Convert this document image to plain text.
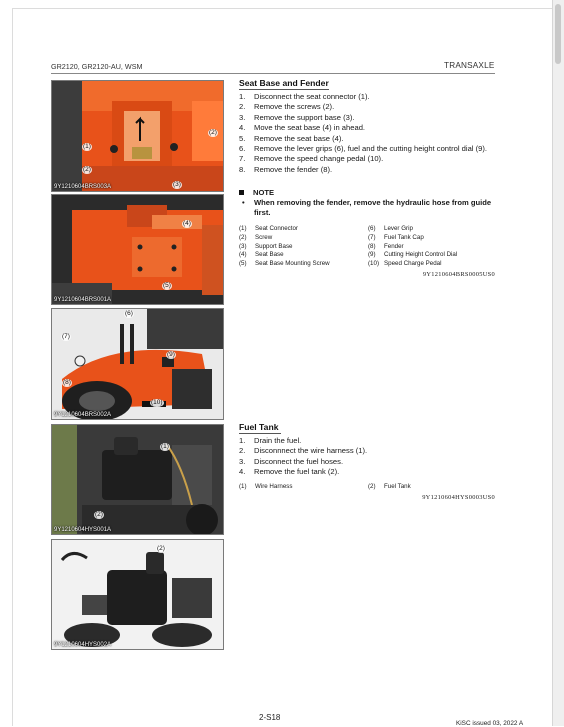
GR2120, GR2120-AU, WSM	TRANSAXLE
(1)
(2)
(2)
(3)
9Y1210604BRS003A
(4)
(5)
9Y1210604BRS001A
(6)
(7)
(9)
(8)
(10)
9Y1210604BRS002A
(1)
(2)
9Y1210604HYS001A
(2)
9Y1210604HYS002A
Seat Base and Fender
1.	Disconnect the seat connector (1).
2.	Remove the screws (2).
3.	Remove the support base (3).
4.	Move the seat base (4) in ahead.
5.	Remove the seat base (4).
6.	Remove the lever grips (6), fuel and the cutting height control dial (9).
7.	Remove the speed change pedal (10).
8.	Remove the fender (8).
NOTE
•	When removing the fender, remove the hydraulic hose from guide first.
(1)	Seat Connector	(6)	Lever Grip
(2)	Screw	(7)	Fuel Tank Cap
(3)	Support Base	(8)	Fender
(4)	Seat Base	(9)	Cutting Height Control Dial
(5)	Seat Base Mounting Screw	(10) Speed Charge Pedal
9Y1210604BRS0005US0
Fuel Tank
1.	Drain the fuel.
2.	Disconnnect the wire harness (1).
3.	Disconnect the fuel hoses.
4.	Remove the fuel tank (2).
(1)	Wire Harness	(2)	Fuel Tank
9Y1210604HYS0003US0
2-S18
KiSC issued 03, 2022 A
